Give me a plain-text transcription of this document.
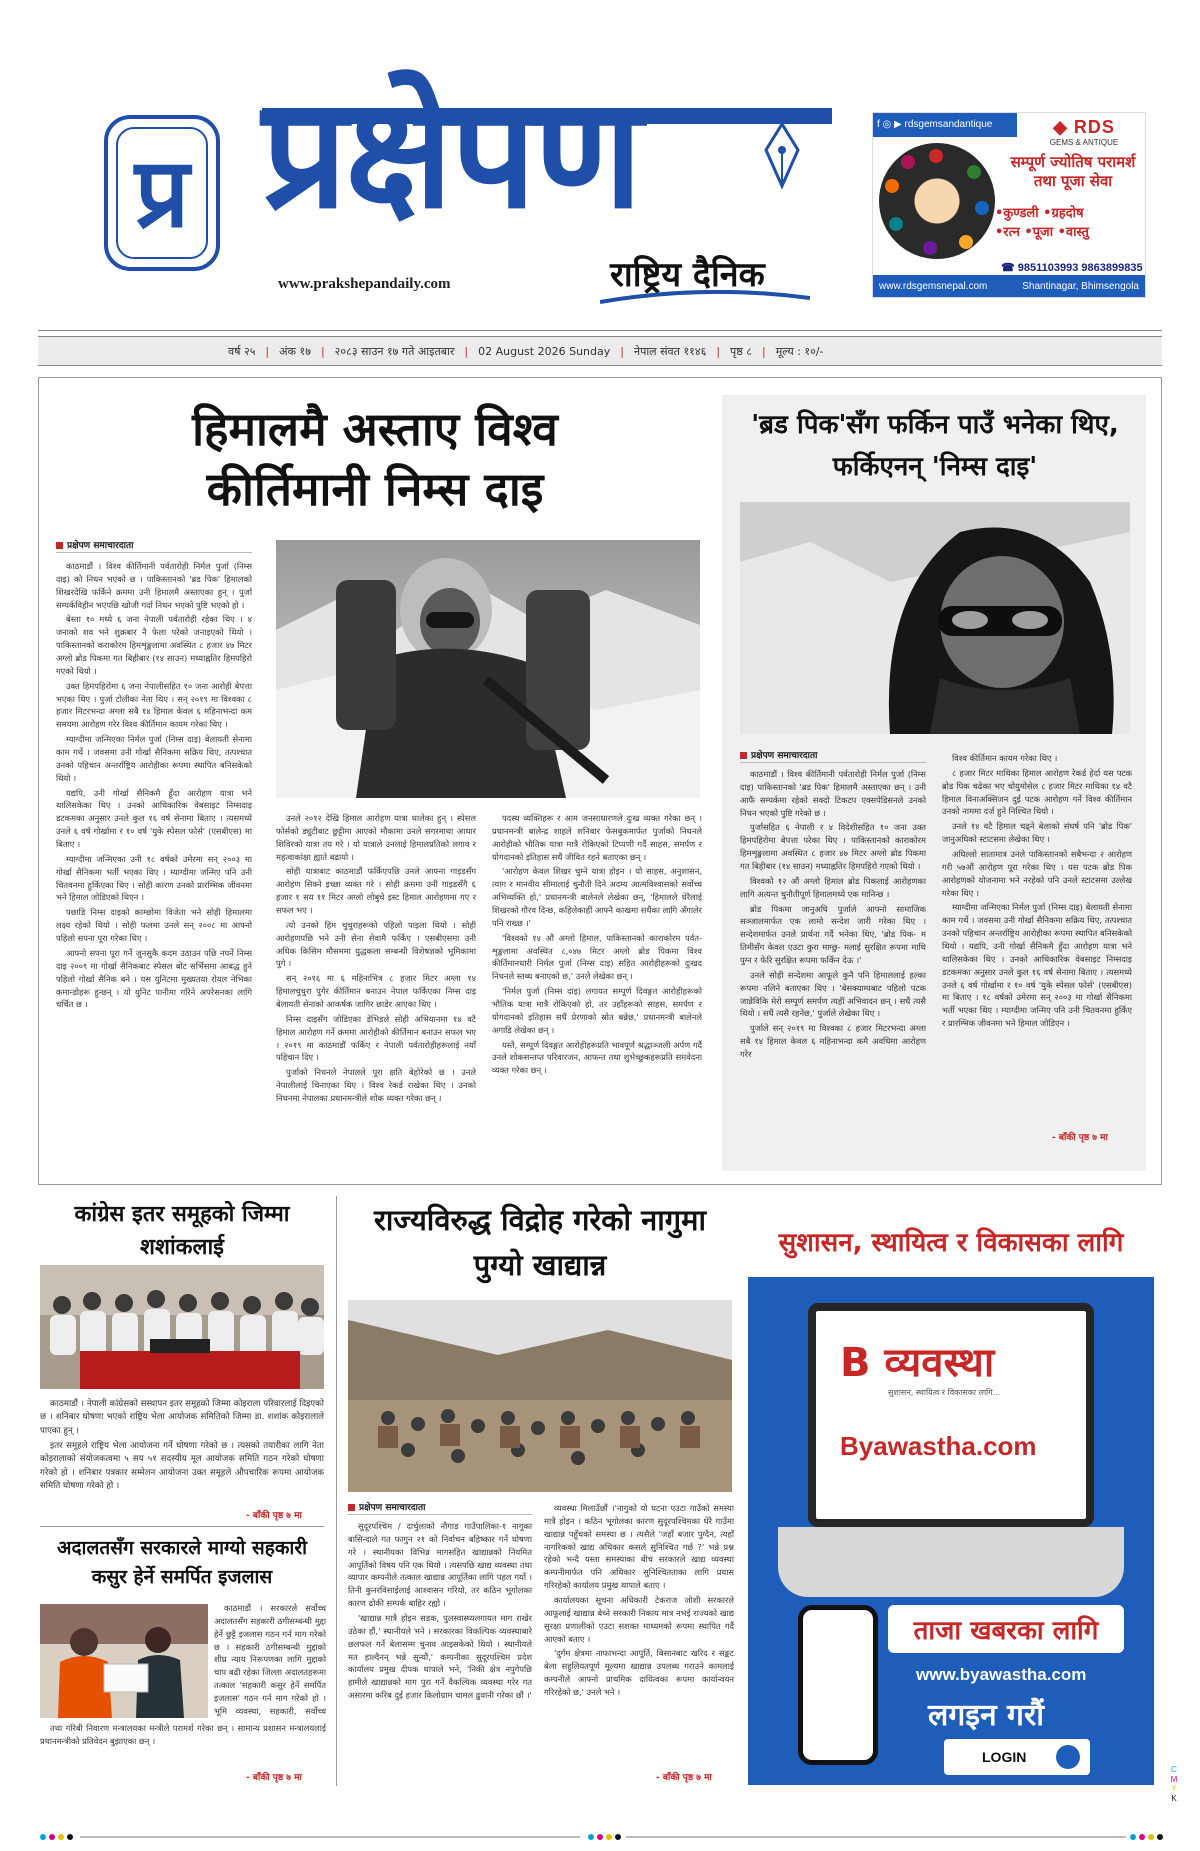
प्र प्रक्षेपण
www.prakshepandaily.com	राष्ट्रिय दैनिक
f ◎ ▶ rdsgemsandantique	◆ RDS
GEMS & ANTIQUE
सम्पूर्ण ज्योतिष परामर्श तथा पूजा सेवा
•कुण्डली •ग्रहदोष
•रत्न •पूजा •वास्तु
☎ 9851103993 9863899835
www.rdsgemsnepal.com	Shantinagar, Bhimsengola
वर्ष २५ | अंक १७ | २०८३ साउन १७ गते आइतबार | 02 August 2026 Sunday | नेपाल संवत ११४६ | पृष्ठ ८ | मूल्य : १०/-
हिमालमै अस्ताए विश्व कीर्तिमानी निम्स दाइ
प्रक्षेपण समाचारदाता

काठमाडौं । विश्व कीर्तिमानी पर्वतारोही निर्मल पुर्जा (निम्स दाइ) को निधन भएको छ । पाकिस्तानको 'ब्रड पिक' हिमालको शिखरदेखि फर्किने क्रममा उनी हिमालमै अस्ताएका हुन् । पुर्जा सम्पर्कविहीन भएपछि खोजी गर्दा निधन भएको पुष्टि भएको हो ।

बेस्ता १० मध्ये ६ जना नेपाली पर्वतारोही रहेका थिए । ४ जनाको शव भने शुक्रबार नै फेला परेको जनाइएको थियो । पाकिस्तानको कराकोरम हिमशृङ्खलामा अवस्थित ८ हजार ४७ मिटर अग्लो ब्रोड पिकमा गत बिहीबार (१४ साउन) मध्याह्नतिर हिमपहिरो गएको थियो ।

उक्त हिमपहिरोमा ६ जना नेपालीसहित १० जना आरोही बेपत्ता भएका थिए । पुर्जा टोलीका नेता थिए । सन् २०१९ मा विश्वका ८ हजार मिटरभन्दा अग्ला सबै १४ हिमाल केवल ६ महिनाभन्दा कम समयमा आरोहण गरेर विश्व कीर्तिमान कायम गरेका थिए ।

म्याग्दीमा जन्मिएका निर्मल पुर्जा (निम्स दाइ) बेलायती सेनामा काम गर्थे । जवसमा उनी गोर्खा सैनिकमा सक्रिय थिए, तत्पश्चात उनको पहिचान अन्तर्राष्ट्रिय आरोहीका रूपमा स्थापित बनिसकेको थियो ।

यद्यपि, उनी गोर्खा सैनिकमै हुँदा आरोहण यात्रा भने थालिसकेका थिए । उनको आधिकारिक वेबसाइट निम्सदाइ डटकमका अनुसार उनले कुल १६ वर्ष सेनामा बिताए । त्यसमध्ये उनले ६ वर्ष गोर्खामा र १० वर्ष 'युके स्पेसल फोर्स' (एसबीएस) मा बिताए ।

म्याग्दीमा जन्मिएका उनी १८ वर्षको उमेरमा सन् २००३ मा गोर्खा सैनिकमा भर्ती भएका थिए । म्याग्दीमा जन्मिए पनि उनी चितवनमा हुर्किएका थिए । सोही कारण उनको प्रारम्भिक जीवनमा भने हिमाल जोडिएको थिएन ।

पछाडि निम्स दाइको काम्छोमा विजेता भने सोही हिमालमा लक्ष्य रहेको थियो । सोही फलमा उनले सन् २००८ मा आफ्नो पहिलो सपना पूरा गरेका थिए ।

आफ्नो सपना पूरा गर्ने जुनसुकै कदम उठाउन पछि नपर्ने निम्स दाइ २००९ मा गोर्खा सैनिकबाट स्पेसल बोट सर्भिसमा आबद्ध हुने पहिलो गोर्खा सैनिक बने । यस युनिटमा मुख्यतया रोयल नेभिका कमान्डोहरू हुन्छन् । यो युनिट पानीमा गरिने अपरेसनका लागि चर्चित छ ।

उनले २०१२ देखि हिमाल आरोहण यात्रा थालेका हुन् । स्पेसल फोर्सको ड्युटीबाट छुट्टीमा आएको मौकामा उनले सगरमाथा आधार शिविरको यात्रा तय गरे । यो यात्राले उनलाई हिमालप्रतिको लगाव र महत्वाकांक्षा ह्याते बढायो ।

सोही यात्राबाट काठमाडौं फर्किएपछि उनले आफ्ना गाइडसँग आरोहण सिक्ने इच्छा व्यक्त गरे । सोही क्रममा उनी गाइडसँगै ६ हजार १ सय ११ मिटर अग्लो लोबुचे इस्ट हिमाल आरोहणमा गए र सफल भए ।

त्यो उनको हिम चुचुराहरूको पहिलो पाइला थियो । सोही आरोहणपछि भने उनी सेना सेवामै फर्किए । एसबीएसमा उनी अधिक किसिम मौसममा युद्धकला सम्बन्धी विशेषज्ञको भूमिकामा पुगे ।

सन् २०१६ मा ६ महिनाभित्र ८ हजार मिटर अग्ला १४ हिमालचुचुरा पुगेर कीर्तिमान बनाउन नेपाल फर्किएका निम्स दाइ बेलायती सेनाको आकर्षक जागिर छाडेर आएका थिए ।

निम्स दाइसँग जोडिएका डेभिडले सोही अभियानमा १४ वटै हिमाल आरोहण गर्ने क्रममा आरोहीको कीर्तिमान बनाउन सफल भए । २०१९ मा काठमाडौं फर्किए र नेपाली पर्वतारोहीहरूलाई नयाँ पहिचान दिए ।

पुर्जाको निधनले नेपालले पूरा क्षति बेहोरेको छ । उनले नेपालीलाई चिनाएका थिए । विश्व रेकर्ड राखेका थिए । उनको निधनमा नेपालका प्रधानमन्त्रीले शोक व्यक्त गरेका छन् ।

पदस्थ व्यक्तिहरू र आम जनसाधारणले दुःख व्यक्त गरेका छन् । प्रधानमन्त्री बालेन्द्र शाहले शनिबार फेसबुकमार्फत पुर्जाको निधनले आरोहीको भौतिक यात्रा मात्रै रोकिएको टिप्पणी गर्दै साहस, समर्पण र योगदानको इतिहास सधैं जीवित रहने बताएका छन् ।

'आरोहण केवल शिखर चुम्ने यात्रा होइन । यो साहस, अनुशासन, त्याग र मानवीय सीमालाई चुनौती दिने अदम्य आत्मविश्वासको सर्वोच्च अभिव्यक्ति हो,' प्रधानमन्त्री बालेनले लेखेका छन्, 'हिमालले धेरैलाई शिखरको गौरव दिन्छ, कहिलेकाहीं आफ्नै काखमा सधैंका लागि अँगालेर पनि राख्छ ।'

'विश्वको १४ औं अग्लो हिमाल, पाकिस्तानको काराकोरम पर्वत-शृङ्खलामा अवस्थित ८,०४७ मिटर अग्लो ब्रोड पिकमा विश्व कीर्तिमानधारी निर्मल पुर्जा (निम्स दाइ) सहित आरोहीहरूको दुःखद निधनले स्तब्ध बनाएको छ,' उनले लेखेका छन् ।

'निर्मल पुर्जा (निम्स दाइ) लगायत सम्पूर्ण दिवङ्गत आरोहीहरूको भौतिक यात्रा मात्रै रोकिएको हो, तर उहाँहरूको साहस, समर्पण र योगदानको इतिहास सधैं प्रेरणाको स्रोत बन्नेछ,' प्रधानमन्त्री बालेनले अगाडि लेखेका छन् ।

यस्तै, सम्पूर्ण दिवङ्गत आरोहीहरूप्रति भावपूर्ण श्रद्धाञ्जली अर्पण गर्दै उनले शोकसन्तप्त परिवारजन, आफन्त तथा शुभेच्छुकहरूप्रति समवेदना व्यक्त गरेका छन् ।

'ब्रड पिक'सँग फर्किन पाउँ भनेका थिए, फर्किएनन् 'निम्स दाइ'
प्रक्षेपण समाचारदाता

काठमाडौं । विश्व कीर्तिमानी पर्वतारोही निर्मल पुर्जा (निम्स दाइ) पाकिस्तानको 'ब्रड पिक' हिमालमै अस्ताएका छन् । उनी आफैं सम्पर्कमा रहेको सक्दो टिकटप एक्सपेडिसनले उनको निधन भएको पुष्टि गरेको छ ।

पुर्जासहित ६ नेपाली र ४ विदेशीसहित १० जना उक्त हिमपहिरोमा बेपत्ता परेका थिए । पाकिस्तानको काराकोरम हिमशृङ्खलामा अवस्थित ८ हजार ४७ मिटर अग्लो ब्रोड पिकमा गत बिहीबार (१४ साउन) मध्याह्नतिर हिमपहिरो गएको थियो ।

विश्वको १२ औं अग्लो हिमाल ब्रोड पिकलाई आरोहणका लागि अत्यन्त चुनौतीपूर्ण हिमालमध्ये एक मानिन्छ ।

ब्रोड पिकमा जानुअघि पुर्जाले आफ्नो सामाजिक सञ्जालमार्फत एक लामो सन्देश जारी गरेका थिए । सन्देशमार्फत उनले प्रार्थना गर्दै भनेका थिए, 'ब्रोड पिक- म तिमीसँग केवल एउटा कुरा माग्छु- मलाई सुरक्षित रूपमा माथि पुग्न र फेरि सुरक्षित रूपमा फर्किन देऊ ।'

उनले सोही सन्देशमा आफूले कुनै पनि हिमाललाई हल्का रूपमा नलिने बताएका थिए । 'बेसक्याम्पबाट पहिलो पटक जान्नेविकि मेरो सम्पूर्ण समर्पण त्यहीं अभिवादन छन् । सधैं त्यसै थियो । सधैं त्यसै रहनेछ,' पुर्जाले लेखेका थिए ।

पुर्जाले सन् २०१९ मा विश्वका ८ हजार मिटरभन्दा अग्ला सबै १४ हिमाल केवल ६ महिनाभन्दा कमै अवधिमा आरोहण गरेर

विश्व कीर्तिमान कायम गरेका थिए ।

८ हजार मिटर माथिका हिमाल आरोहण रेकर्ड हेर्दा यस पटक ब्रोड पिक चढेका भए चोयुमोसेल ८ हजार मिटर माथिका १४ वटै हिमाल विनाअक्सिजन दुई पटक आरोहण गर्ने विश्व कीर्तिमान उनको नाममा दर्ज हुने निश्चित थियो ।

उनले १४ वटै हिमाल चढ्ने बेलाको संघर्ष पनि 'ब्रोड पिक' जानुअघिको स्टाटसमा लेखेका थिए ।

अघिल्लो सातामात्र उनले पाकिस्तानको सबैभन्दा २ आरोहण गरी ५७औं आरोहण पूरा गरेका थिए । यस पटक ब्रोड पिक आरोहणको योजनामा भने नरहेको पनि उनले स्टाटसमा उल्लेख गरेका थिए ।

म्याग्दीमा जन्मिएका निर्मल पुर्जा (निम्स दाइ) बेलायती सेनामा काम गर्थे । जवसमा उनी गोर्खा सैनिकमा सक्रिय थिए, तत्पश्चात उनको पहिचान अन्तर्राष्ट्रिय आरोहीका रूपमा स्थापित बनिसकेको थियो । यद्यपि, उनी गोर्खा सैनिकमै हुँदा आरोहण यात्रा भने थालिसकेका थिए । उनको आधिकारिक वेबसाइट निम्सदाइ डटकमका अनुसार उनले कुल १६ वर्ष सेनामा बिताए । त्यसमध्ये उनले ६ वर्ष गोर्खामा र १० वर्ष 'युके स्पेसल फोर्स' (एसबीएस) मा बिताए । १८ वर्षको उमेरमा सन् २००३ मा गोर्खा सैनिकमा भर्ती भएका थिए । म्याग्दीमा जन्मिए पनि उनी चितवनमा हुर्किए र प्रारम्भिक जीवनमा भने हिमाल जोडिएन ।

- बाँकी पृष्ठ ७ मा
कांग्रेस इतर समूहको जिम्मा शशांकलाई

काठमाडौं । नेपाली कांग्रेसको सस्थापन इतर समूहको जिम्मा कोइराला परिवारलाई दिइएको छ । शनिबार घोषणा भएको राष्ट्रिय भेला आयोजक समितिको जिम्मा डा. शशांक कोइरालाले पाएका हुन् ।

इतर समूहले राष्ट्रिय भेला आयोजना गर्ने घोषणा गरेको छ । त्यसको तयारीका लागि नेता कोइरालाको संयोजकत्वमा ५ सय ५१ सदस्यीय मूल आयोजक समिति गठन गरेको घोषणा गरेको हो । शनिबार पत्रकार सम्मेलन आयोजना उक्त समूहले औपचारिक रूपमा आयोजक समिति घोषणा गरेको हो ।

- बाँकी पृष्ठ ७ मा
अदालतसँग सरकारले माग्यो सहकारी कसुर हेर्ने समर्पित इजलास

काठमाडौं । सरकारले सर्वोच्च अदालतसँग सहकारी ठगीसम्बन्धी मुद्दा हेर्ने छुट्टै इजलास गठन गर्न माग गरेको छ । सहकारी ठगीसम्बन्धी मुद्दाको शीघ्र न्याय निरूपणका लागि मुद्दाको चाप बढी रहेका जिल्ला अदालतहरूमा तत्काल 'सहकारी कसुर हेर्ने समर्पित इजलास' गठन गर्न माग गरेको हो । भूमि व्यवस्था, सहकारी, सर्वोच्च

तथा गरिबी निवारण मन्त्रालयका मन्त्रीले परामर्श गरेका छन् । सामान्य प्रशासन मन्त्रालयलाई प्रधानमन्त्रीको प्रतिवेदन बुझाएका छन् ।

- बाँकी पृष्ठ ७ मा
राज्यविरुद्ध विद्रोह गरेको नागुमा पुग्यो खाद्यान्न
प्रक्षेपण समाचारदाता

सुदूरपश्चिम / दार्चुलाको नौगाड गाउँपालिका-१ नागुका बासिन्दाले गत फागुन २१ को निर्वाचन बहिष्कार गर्ने घोषणा गरे । स्थानीयका विभिन्न मागसहित खाद्यान्नको नियमित आपूर्तिको विषय पनि एक थियो । त्यसपछि खाद्य व्यवस्था तथा व्यापार कम्पनीले तत्काल खाद्यान्न आपूर्तिका लागि पहल गर्यो । तिनी कुनरविसाईलाई आश्वासन गरियो, तर कठिन भूगोलका कारण ढोकी सम्पर्क बाहिर रह्यो ।

'खाद्यान्न मात्रै होइन सडक, पुलस्वास्थ्यलगायत माग राखेर उठेका हौं,' स्थानीयले भने । सरकारका विकल्पिक व्यवस्थाबारे छलफल गर्ने बेलासम्म चुनाव आइसकेको थियो । स्थानीयले मत हाल्दैनन् भन्ने सुन्यौं,' कम्पनीका सुदूरपश्चिम प्रदेश कार्यालय प्रमुख दीपक थापाले भने, 'निकी क्षेत्र नपुगेपछि हामीले खाद्यान्नको माग पुरा गर्ने वैकल्पिक व्यवस्था गरेर गत असारमा करिब दुई हजार किलोग्राम चामल ढुवानी गरेका छौं ।'

व्यवस्था मिलाउँछौं ।'नागुको यो घटना एउटा गाउँको समस्या मात्रै होइन । कठिन भूगोलका कारण सुदूरपश्चिमका धेरै गाउँमा खाद्यान्न पहुँचको समस्या छ । त्यसैले 'जहाँ बजार पुग्दैन, त्यहाँ नागरिकको खाद्य अधिकार कसले सुनिश्चित गर्छ ?' भन्ने प्रश्न रहेको भन्दै यस्ता समस्याका बीच सरकारले खाद्य व्यवस्था कम्पनीमार्फत पनि अधिकार सुनिश्चितताका लागि प्रयास गरिरहेको कार्यालय प्रमुख थापाले बताए ।

कार्यालयका सूचना अधिकारी टेकराज जोशी सरकारले आफूलाई खाद्यान्न बेच्ने सरकारी निकाय मात्र नभई राज्यको खाद्य सुरक्षा प्रणालीको एउटा सशक्त माध्यमको रूपमा स्थापित गर्दै आएको बताए ।

'दुर्गम क्षेत्रमा नाफाभन्दा आपूर्ति, बिसानबाट खरिद र सङ्कट बेला सहुलियतपूर्ण मूल्यमा खाद्यान्न उपलब्ध गराउने कामलाई कम्पनीले आफ्नो प्राथमिक दायित्वका रूपमा कार्यान्वयन गरिरहेको छ,' उनले भने ।

- बाँकी पृष्ठ ७ मा
सुशासन, स्थायित्व र विकासका लागि
B व्यवस्था
सुशासन, स्थायित्व र विकासका लागि...
Byawastha.com
ताजा खबरका लागि
www.byawastha.com
लगइन गरौं
LOGIN
C
M
Y
K
